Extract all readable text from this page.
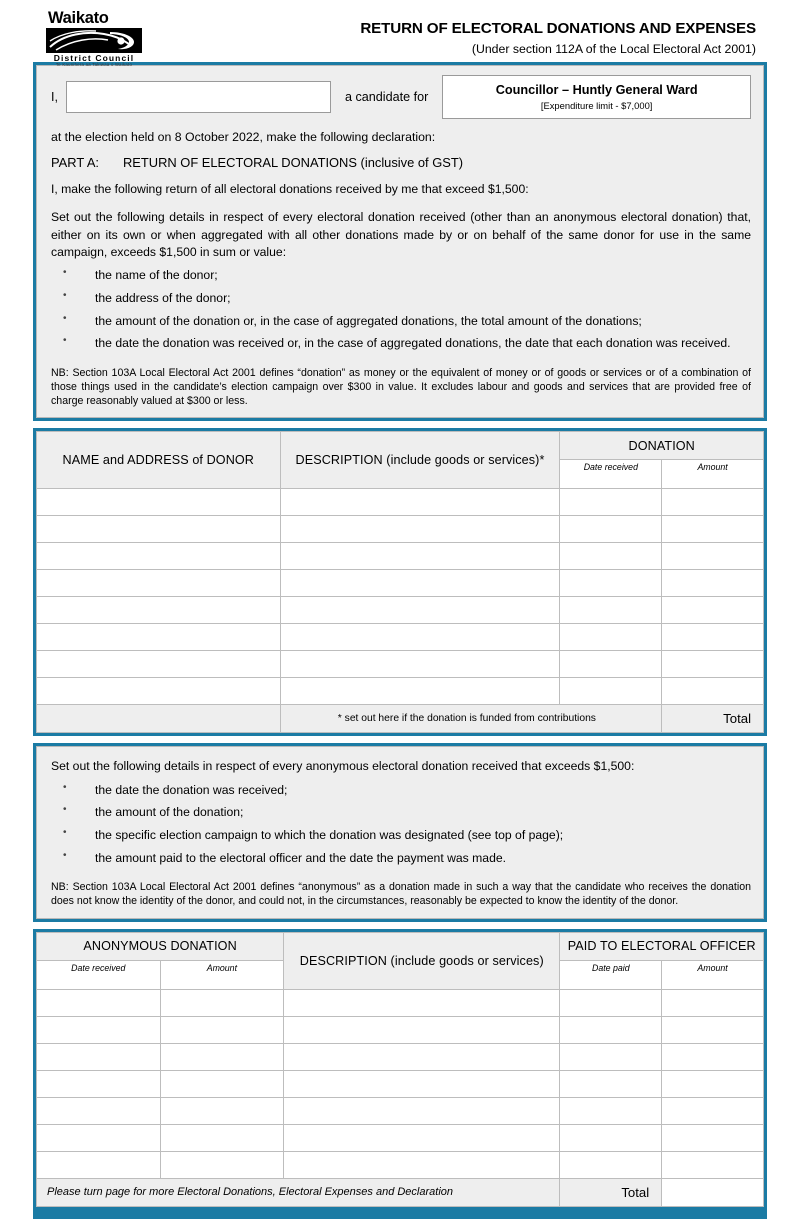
Waikato
District Council
Te Kaunihera aa Takiwaa o Waikato
RETURN OF ELECTORAL DONATIONS AND EXPENSES
(Under section 112A of the Local Electoral Act 2001)
I,	a candidate for
Councillor – Huntly General Ward
[Expenditure limit - $7,000]
at the election held on 8 October 2022, make the following declaration:
PART A: RETURN OF ELECTORAL DONATIONS (inclusive of GST)
I, make the following return of all electoral donations received by me that exceed $1,500:
Set out the following details in respect of every electoral donation received (other than an anonymous electoral donation) that, either on its own or when aggregated with all other donations made by or on behalf of the same donor for use in the same campaign, exceeds $1,500 in sum or value:
• the name of the donor;
• the address of the donor;
• the amount of the donation or, in the case of aggregated donations, the total amount of the donations;
• the date the donation was received or, in the case of aggregated donations, the date that each donation was received.
NB: Section 103A Local Electoral Act 2001 defines “donation” as money or the equivalent of money or of goods or services or of a combination of those things used in the candidate’s election campaign over $300 in value. It excludes labour and goods and services that are provided free of charge reasonably valued at $300 or less.
NAME and ADDRESS of DONOR	DESCRIPTION (include goods or services)*	DONATION	
		Date received	Amount

	* set out here if the donation is funded from contributions		Total
Set out the following details in respect of every anonymous electoral donation received that exceeds $1,500:
• the date the donation was received;
• the amount of the donation;
• the specific election campaign to which the donation was designated (see top of page);
• the amount paid to the electoral officer and the date the payment was made.
NB: Section 103A Local Electoral Act 2001 defines “anonymous” as a donation made in such a way that the candidate who receives the donation does not know the identity of the donor, and could not, in the circumstances, reasonably be expected to know the identity of the donor.
ANONYMOUS DONATION		DESCRIPTION (include goods or services)	PAID TO ELECTORAL OFFICER	
Date received	Amount		Date paid	Amount

Please turn page for more Electoral Donations, Electoral Expenses and Declaration			Total	
